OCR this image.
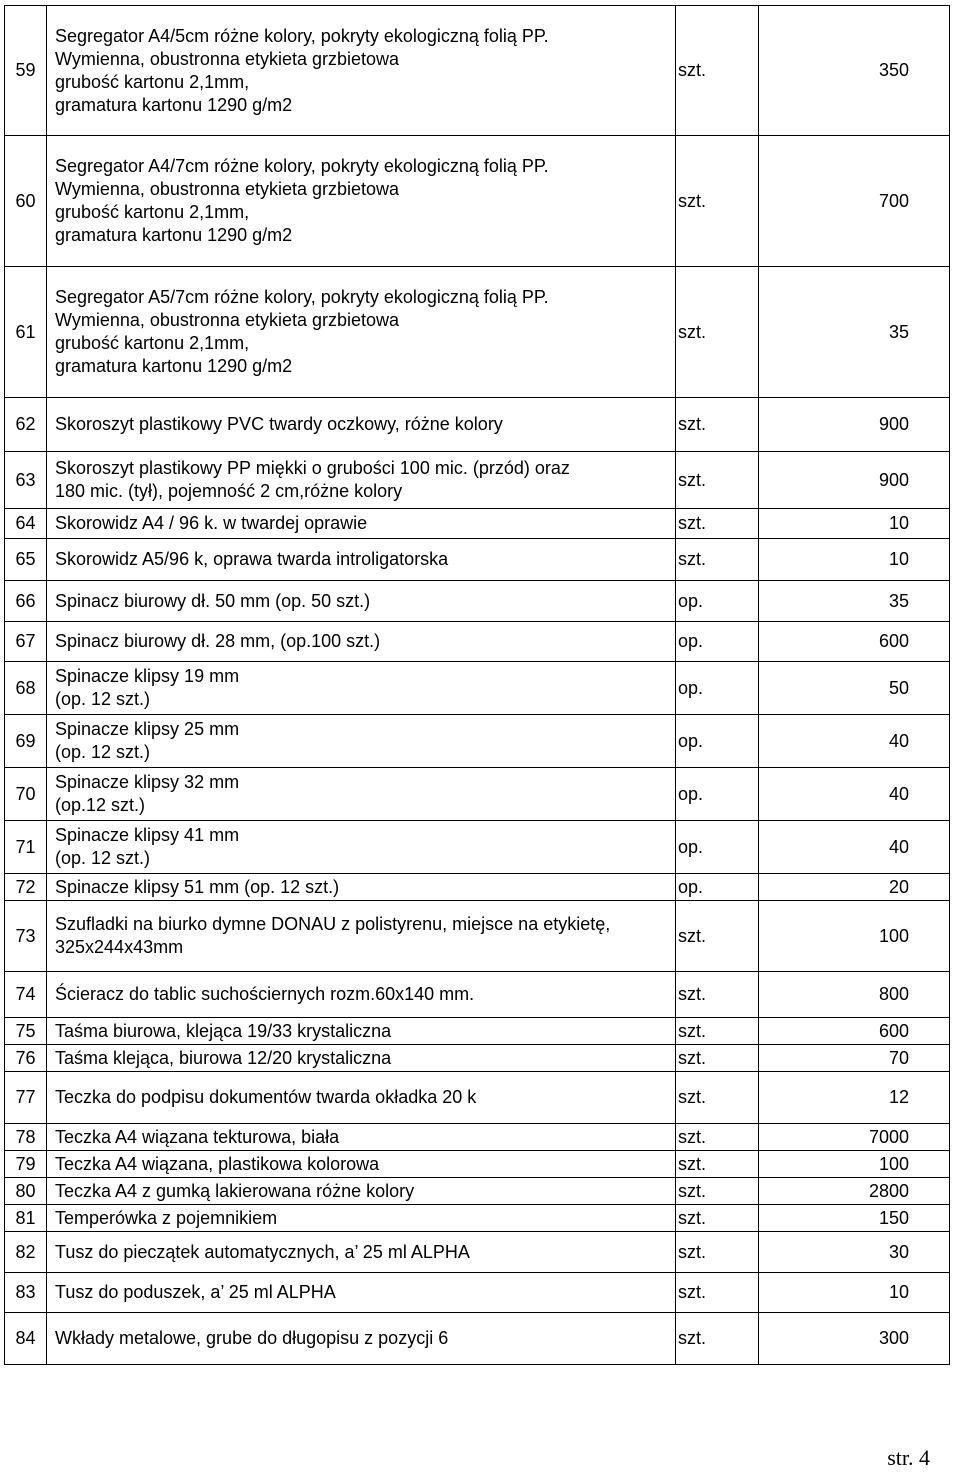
59	Segregator A4/5cm różne kolory, pokryty ekologiczną folią PP.
Wymienna, obustronna etykieta grzbietowa
grubość kartonu 2,1mm,
gramatura kartonu 1290 g/m2	szt.	350
60	Segregator A4/7cm różne kolory, pokryty ekologiczną folią PP.
Wymienna, obustronna etykieta grzbietowa
grubość kartonu 2,1mm,
gramatura kartonu 1290 g/m2	szt.	700
61	Segregator A5/7cm różne kolory, pokryty ekologiczną folią PP.
Wymienna, obustronna etykieta grzbietowa
grubość kartonu 2,1mm,
gramatura kartonu 1290 g/m2	szt.	35
62	Skoroszyt plastikowy PVC twardy oczkowy, różne kolory	szt.	900
63	Skoroszyt plastikowy PP miękki o grubości 100 mic. (przód) oraz
180 mic. (tył), pojemność 2 cm,różne kolory	szt.	900
64	Skorowidz A4 / 96 k. w twardej oprawie	szt.	10
65	Skorowidz A5/96 k, oprawa twarda introligatorska	szt.	10
66	Spinacz biurowy dł. 50 mm (op. 50 szt.)	op.	35
67	Spinacz biurowy dł. 28 mm, (op.100 szt.)	op.	600
68	Spinacze klipsy 19 mm
(op. 12 szt.)	op.	50
69	Spinacze klipsy 25 mm
(op. 12 szt.)	op.	40
70	Spinacze klipsy 32 mm
(op.12 szt.)	op.	40
71	Spinacze klipsy 41 mm
(op. 12 szt.)	op.	40
72	Spinacze klipsy 51 mm (op. 12 szt.)	op.	20
73	Szufladki na biurko dymne DONAU z polistyrenu, miejsce na etykietę,
325x244x43mm	szt.	100
74	Ścieracz do tablic suchościernych rozm.60x140 mm.	szt.	800
75	Taśma biurowa, klejąca 19/33 krystaliczna	szt.	600
76	Taśma klejąca, biurowa 12/20 krystaliczna	szt.	70
77	Teczka do podpisu dokumentów twarda okładka 20 k	szt.	12
78	Teczka A4 wiązana tekturowa, biała	szt.	7000
79	Teczka A4 wiązana, plastikowa kolorowa	szt.	100
80	Teczka A4 z gumką lakierowana różne kolory	szt.	2800
81	Temperówka z pojemnikiem	szt.	150
82	Tusz do pieczątek automatycznych, a’ 25 ml ALPHA	szt.	30
83	Tusz do poduszek, a’ 25 ml ALPHA	szt.	10
84	Wkłady metalowe, grube do długopisu z pozycji 6	szt.	300
str. 4
